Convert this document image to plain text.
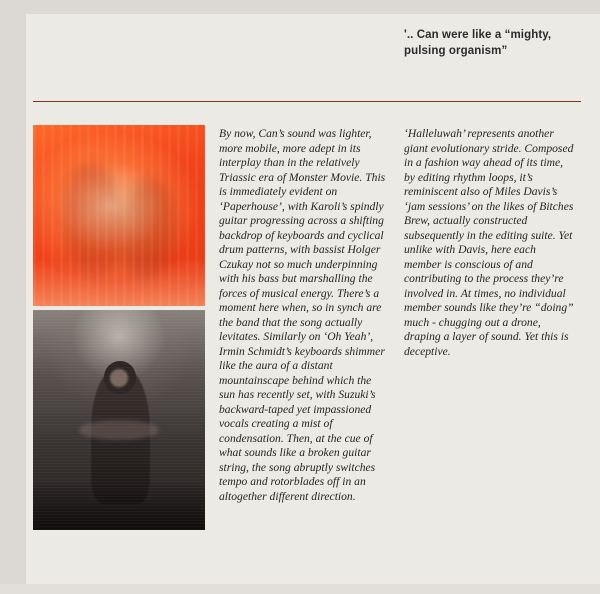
'.. Can were like a “mighty, pulsing organism”

By now, Can’s sound was lighter, more mobile, more adept in its interplay than in the relatively Triassic era of Monster Movie. This is immediately evident on ‘Paperhouse’, with Karoli’s spindly guitar progressing across a shifting backdrop of keyboards and cyclical drum patterns, with bassist Holger Czukay not so much underpinning with his bass but marshalling the forces of musical energy. There’s a moment here when, so in synch are the band that the song actually levitates. Similarly on ‘Oh Yeah’, Irmin Schmidt’s keyboards shimmer like the aura of a distant mountainscape behind which the sun has recently set, with Suzuki’s backward-taped yet impassioned vocals creating a mist of condensation. Then, at the cue of what sounds like a broken guitar string, the song abruptly switches tempo and rotorblades off in an altogether different direction.

‘Halleluwah’ represents another giant evolutionary stride. Composed in a fashion way ahead of its time, by editing rhythm loops, it’s reminiscent also of Miles Davis’s ‘jam sessions’ on the likes of Bitches Brew, actually constructed subsequently in the editing suite. Yet unlike with Davis, here each member is conscious of and contributing to the process they’re involved in. At times, no individual member sounds like they’re “doing” much - chugging out a drone, draping a layer of sound. Yet this is deceptive.
